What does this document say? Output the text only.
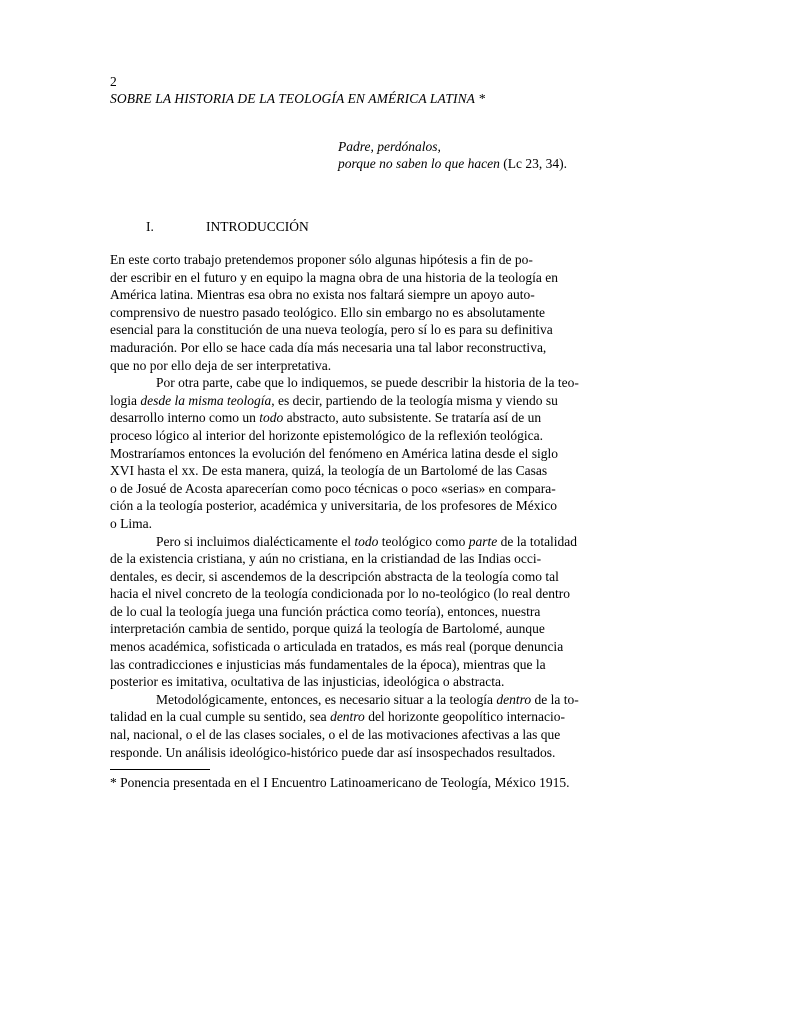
2
SOBRE LA HISTORIA DE LA TEOLOGÍA EN AMÉRICA LATINA *
Padre, perdónalos,
porque no saben lo que hacen (Lc 23, 34).
I.	INTRODUCCIÓN
En este corto trabajo pretendemos proponer sólo algunas hipótesis a fin de po-
der escribir en el futuro y en equipo la magna obra de una historia de la teología en
América latina. Mientras esa obra no exista nos faltará siempre un apoyo auto-
comprensivo de nuestro pasado teológico. Ello sin embargo no es absolutamente
esencial para la constitución de una nueva teología, pero sí lo es para su definitiva
maduración. Por ello se hace cada día más necesaria una tal labor reconstructiva,
que no por ello deja de ser interpretativa.
Por otra parte, cabe que lo indiquemos, se puede describir la historia de la teo-
logia desde la misma teología, es decir, partiendo de la teología misma y viendo su
desarrollo interno como un todo abstracto, auto subsistente. Se trataría así de un
proceso lógico al interior del horizonte epistemológico de la reflexión teológica.
Mostraríamos entonces la evolución del fenómeno en América latina desde el siglo
XVI hasta el xx. De esta manera, quizá, la teología de un Bartolomé de las Casas
o de Josué de Acosta aparecerían como poco técnicas o poco «serias» en compara-
ción a la teología posterior, académica y universitaria, de los profesores de México
o Lima.
Pero si incluimos dialécticamente el todo teológico como parte de la totalidad
de la existencia cristiana, y aún no cristiana, en la cristiandad de las Indias occi-
dentales, es decir, si ascendemos de la descripción abstracta de la teología como tal
hacia el nivel concreto de la teología condicionada por lo no-teológico (lo real dentro
de lo cual la teología juega una función práctica como teoría), entonces, nuestra
interpretación cambia de sentido, porque quizá la teología de Bartolomé, aunque
menos académica, sofisticada o articulada en tratados, es más real (porque denuncia
las contradicciones e injusticias más fundamentales de la época), mientras que la
posterior es imitativa, ocultativa de las injusticias, ideológica o abstracta.
Metodológicamente, entonces, es necesario situar a la teología dentro de la to-
talidad en la cual cumple su sentido, sea dentro del horizonte geopolítico internacio-
nal, nacional, o el de las clases sociales, o el de las motivaciones afectivas a las que
responde. Un análisis ideológico-histórico puede dar así insospechados resultados.
* Ponencia presentada en el I Encuentro Latinoamericano de Teología, México 1915.
